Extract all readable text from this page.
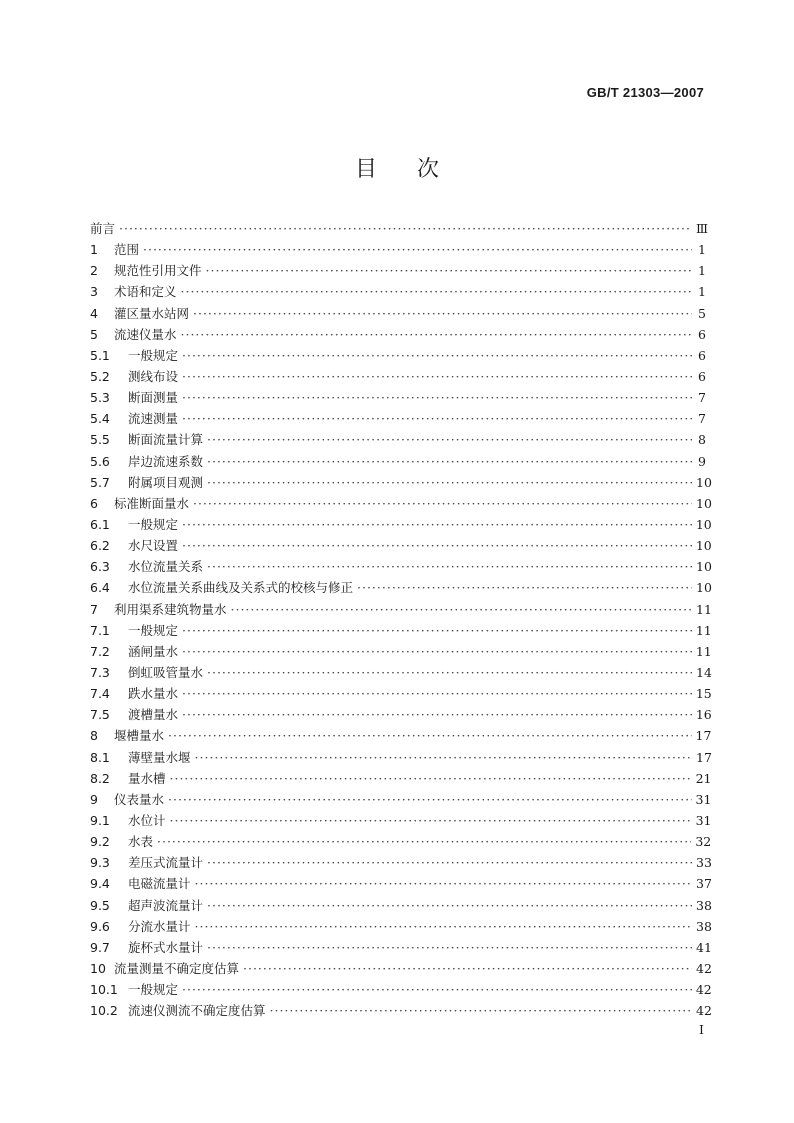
GB/T 21303—2007
目次
前言 ·····	Ⅲ
1	范围 ·····	1
2	规范性引用文件 ·····	1
3	术语和定义 ·····	1
4	灌区量水站网 ·····	5
5	流速仪量水 ·····	6
5.1	一般规定 ·····	6
5.2	测线布设 ·····	6
5.3	断面测量 ·····	7
5.4	流速测量 ·····	7
5.5	断面流量计算 ·····	8
5.6	岸边流速系数 ·····	9
5.7	附属项目观测 ·····	10
6	标准断面量水 ·····	10
6.1	一般规定 ·····	10
6.2	水尺设置 ·····	10
6.3	水位流量关系 ·····	10
6.4	水位流量关系曲线及关系式的校核与修正 ·····	10
7	利用渠系建筑物量水 ·····	11
7.1	一般规定 ·····	11
7.2	涵闸量水 ·····	11
7.3	倒虹吸管量水 ·····	14
7.4	跌水量水 ·····	15
7.5	渡槽量水 ·····	16
8	堰槽量水 ·····	17
8.1	薄壁量水堰 ·····	17
8.2	量水槽 ·····	21
9	仪表量水 ·····	31
9.1	水位计 ·····	31
9.2	水表 ·····	32
9.3	差压式流量计 ·····	33
9.4	电磁流量计 ·····	37
9.5	超声波流量计 ·····	38
9.6	分流水量计 ·····	38
9.7	旋杯式水量计 ·····	41
10 流量测量不确定度估算 ·····	42
10.1 一般规定 ·····	42
10.2 流速仪测流不确定度估算 ·····	42
I
